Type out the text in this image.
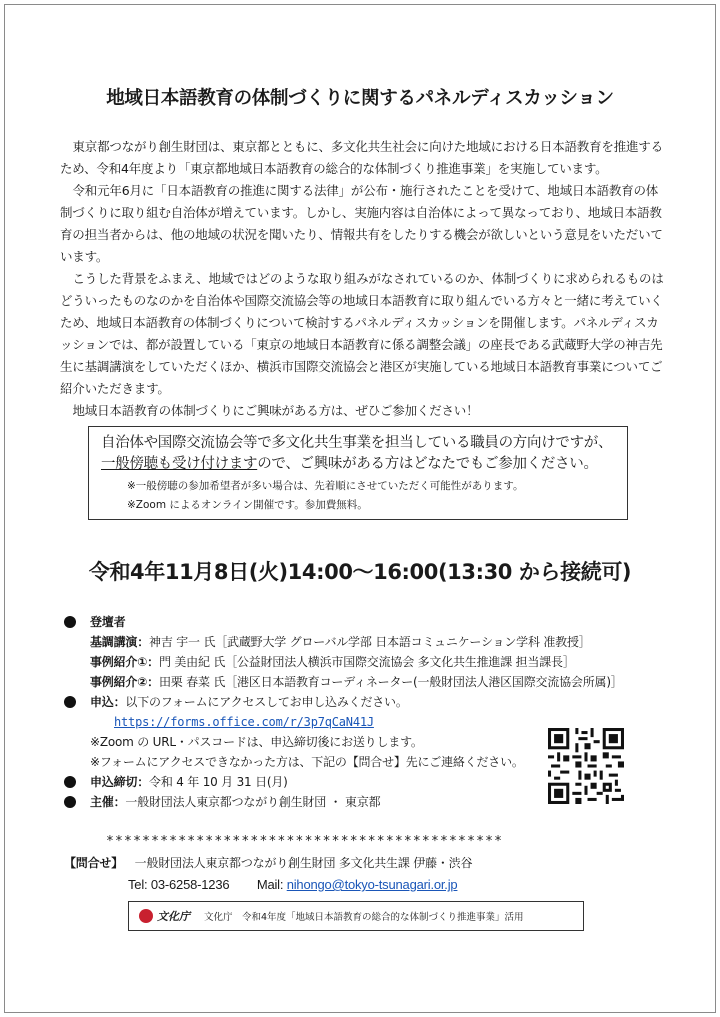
地域日本語教育の体制づくりに関するパネルディスカッション

東京都つながり創生財団は、東京都とともに、多文化共生社会に向けた地域における日本語教育を推進するため、令和4年度より「東京都地域日本語教育の総合的な体制づくり推進事業」を実施しています。

令和元年6月に「日本語教育の推進に関する法律」が公布・施行されたことを受けて、地域日本語教育の体制づくりに取り組む自治体が増えています。しかし、実施内容は自治体によって異なっており、地域日本語教育の担当者からは、他の地域の状況を聞いたり、情報共有をしたりする機会が欲しいという意見をいただいています。

こうした背景をふまえ、地域ではどのような取り組みがなされているのか、体制づくりに求められるものはどういったものなのかを自治体や国際交流協会等の地域日本語教育に取り組んでいる方々と一緒に考えていくため、地域日本語教育の体制づくりについて検討するパネルディスカッションを開催します。パネルディスカッションでは、都が設置している「東京の地域日本語教育に係る調整会議」の座長である武蔵野大学の神吉先生に基調講演をしていただくほか、横浜市国際交流協会と港区が実施している地域日本語教育事業についてご紹介いただきます。

地域日本語教育の体制づくりにご興味がある方は、ぜひご参加ください！

自治体や国際交流協会等で多文化共生事業を担当している職員の方向けですが、
一般傍聴も受け付けますので、ご興味がある方はどなたでもご参加ください。
※一般傍聴の参加希望者が多い場合は、先着順にさせていただく可能性があります。
※Zoom によるオンライン開催です。参加費無料。
令和4年11月8日(火)14:00～16:00(13:30 から接続可)
登壇者
基調講演： 神吉 宇一 氏［武蔵野大学 グローバル学部 日本語コミュニケーション学科 准教授］
事例紹介①： 門 美由紀 氏［公益財団法人横浜市国際交流協会 多文化共生推進課 担当課長］
事例紹介②： 田栗 春菜 氏［港区日本語教育コーディネーター(一般財団法人港区国際交流協会所属)］
申込： 以下のフォームにアクセスしてお申し込みください。
https://forms.office.com/r/3p7qCaN41J
※Zoom の URL・パスコードは、申込締切後にお送りします。
※フォームにアクセスできなかった方は、下記の【問合せ】先にご連絡ください。
申込締切： 令和 4 年 10 月 31 日(月)
主催： 一般財団法人東京都つながり創生財団 ・ 東京都
********************************************
【問合せ】 一般財団法人東京都つながり創生財団 多文化共生課 伊藤・渋谷
Tel: 03-6258-1236 Mail: nihongo@tokyo-tsunagari.or.jp
文化庁 文化庁　令和4年度「地域日本語教育の総合的な体制づくり推進事業」活用
